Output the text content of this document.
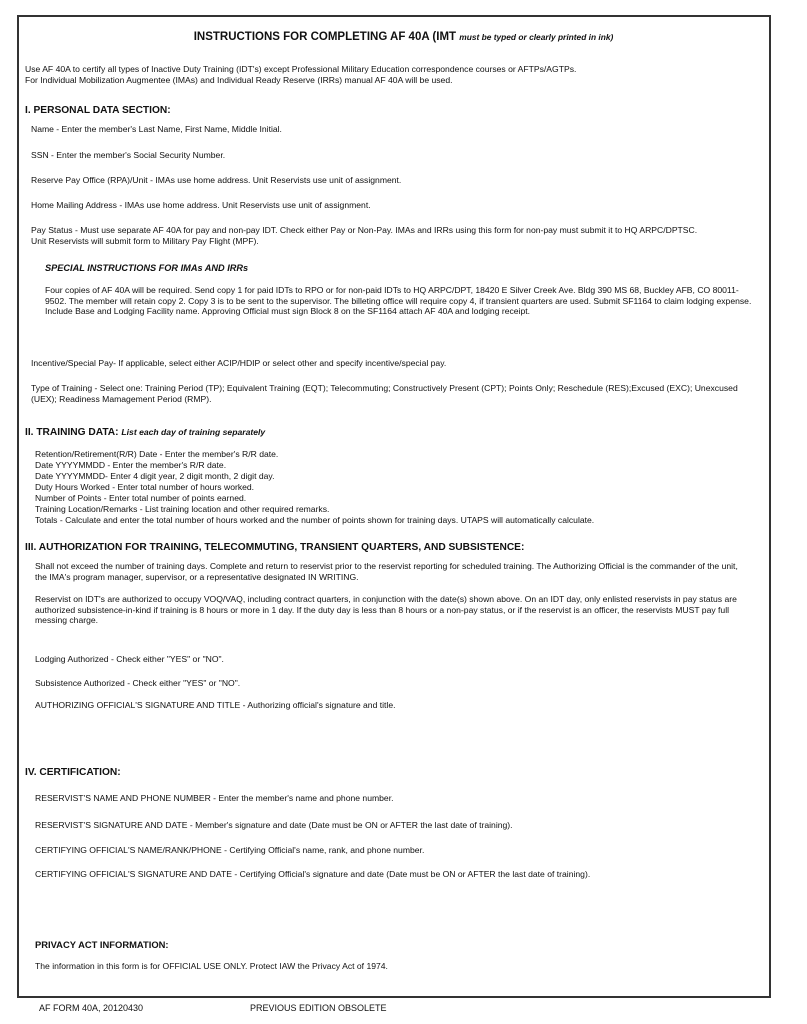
INSTRUCTIONS FOR COMPLETING AF 40A (IMT must be typed or clearly printed in ink)
Use AF 40A to certify all types of Inactive Duty Training (IDT's) except Professional Military Education correspondence courses or AFTPs/AGTPs.
For Individual Mobilization Augmentee (IMAs) and Individual Ready Reserve (IRRs) manual AF 40A will be used.
I. PERSONAL DATA SECTION:
Name - Enter the member's Last Name, First Name, Middle Initial.
SSN - Enter the member's Social Security Number.
Reserve Pay Office (RPA)/Unit - IMAs use home address. Unit Reservists use unit of assignment.
Home Mailing Address - IMAs use home address. Unit Reservists use unit of assignment.
Pay Status - Must use separate AF 40A for pay and non-pay IDT. Check either Pay or Non-Pay. IMAs and IRRs using this form for non-pay must submit it to HQ ARPC/DPTSC. Unit Reservists will submit form to Military Pay Flight (MPF).
SPECIAL INSTRUCTIONS FOR IMAs AND IRRs
Four copies of AF 40A will be required. Send copy 1 for paid IDTs to RPO or for non-paid IDTs to HQ ARPC/DPT, 18420 E Silver Creek Ave. Bldg 390 MS 68, Buckley AFB, CO 80011-9502. The member will retain copy 2. Copy 3 is to be sent to the supervisor. The billeting office will require copy 4, if transient quarters are used. Submit SF1164 to claim lodging expense. Include Base and Lodging Facility name. Approving Official must sign Block 8 on the SF1164 attach AF 40A and lodging receipt.
Incentive/Special Pay- If applicable, select either ACIP/HDIP or select other and specify incentive/special pay.
Type of Training - Select one: Training Period (TP); Equivalent Training (EQT); Telecommuting; Constructively Present (CPT); Points Only; Reschedule (RES);Excused (EXC); Unexcused (UEX); Readiness Mamagement Period (RMP).
II. TRAINING DATA: List each day of training separately
Retention/Retirement(R/R) Date - Enter the member's R/R date.
Date YYYYMMDD - Enter the member's R/R date.
Date YYYYMMDD- Enter 4 digit year, 2 digit month, 2 digit day.
Duty Hours Worked - Enter total number of hours worked.
Number of Points - Enter total number of points earned.
Training Location/Remarks - List training location and other required remarks.
Totals - Calculate and enter the total number of hours worked and the number of points shown for training days. UTAPS will automatically calculate.
III. AUTHORIZATION FOR TRAINING, TELECOMMUTING, TRANSIENT QUARTERS, AND SUBSISTENCE:
Shall not exceed the number of training days. Complete and return to reservist prior to the reservist reporting for scheduled training. The Authorizing Official is the commander of the unit, the IMA's program manager, supervisor, or a representative designated IN WRITING.
Reservist on IDT's are authorized to occupy VOQ/VAQ, including contract quarters, in conjunction with the date(s) shown above. On an IDT day, only enlisted reservists in pay status are authorized subsistence-in-kind if training is 8 hours or more in 1 day. If the duty day is less than 8 hours or a non-pay status, or if the reservist is an officer, the reservists MUST pay full messing charge.
Lodging Authorized - Check either "YES" or "NO".
Subsistence Authorized - Check either "YES" or "NO".
AUTHORIZING OFFICIAL'S SIGNATURE AND TITLE - Authorizing official's signature and title.
IV. CERTIFICATION:
RESERVIST'S NAME AND PHONE NUMBER - Enter the member's name and phone number.
RESERVIST'S SIGNATURE AND DATE - Member's signature and date (Date must be ON or AFTER the last date of training).
CERTIFYING OFFICIAL'S NAME/RANK/PHONE - Certifying Official's name, rank, and phone number.
CERTIFYING OFFICIAL'S SIGNATURE AND DATE - Certifying Official's signature and date (Date must be ON or AFTER the last date of training).
PRIVACY ACT INFORMATION:
The information in this form is for OFFICIAL USE ONLY. Protect IAW the Privacy Act of 1974.
AF FORM 40A, 20120430	PREVIOUS EDITION OBSOLETE
